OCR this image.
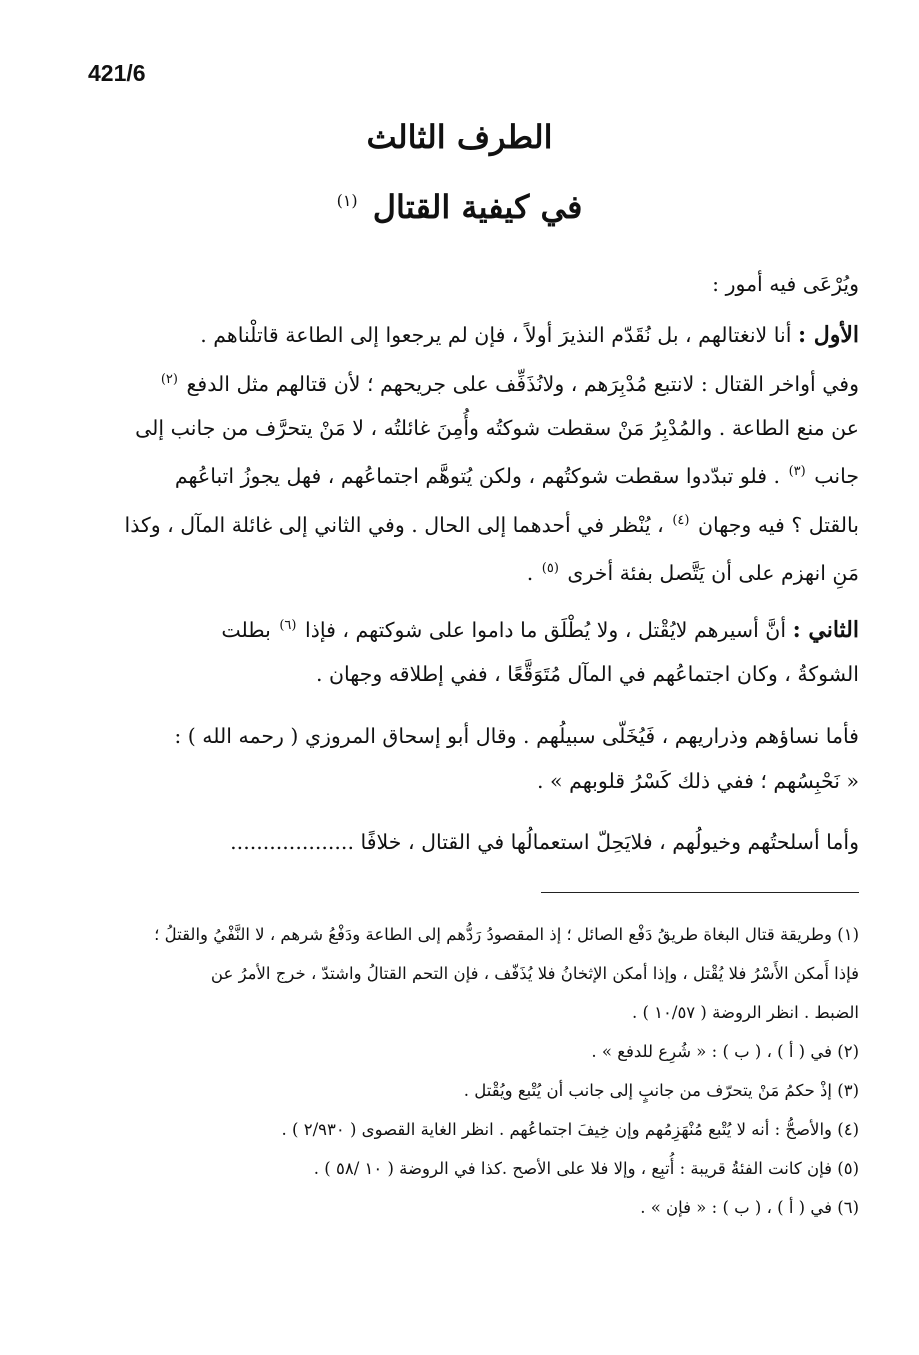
421/6
الطرف الثالث
في كيفية القتال $^{(١)}$
ويُرْعَى فيه أمور :
الأول : أنا لانغتالهم ، بل نُقَدّم النذيرَ أولاً ، فإن لم يرجعوا إلى الطاعة قاتلْناهم .
وفي أواخر القتال : لانتبع مُدْبِرَهم ، ولانُذَفِّف على جريحهم ؛ لأن قتالهم مثل الدفع $^{(٢)}$
عن منع الطاعة . والمُدْبِرُ مَنْ سقطت شوكتُه وأُمِنَ غائلتُه ، لا مَنْ يتحرَّف من جانب إلى
جانب $^{(٣)}$ . فلو تبدّدوا سقطت شوكتُهم ، ولكن يُتوهَّم اجتماعُهم ، فهل يجوزُ اتباعُهم
بالقتل ؟ فيه وجهان $^{(٤)}$ ، يُنْظر في أحدهما إلى الحال . وفي الثاني إلى غائلة المآل ، وكذا
مَنِ انهزم على أن يَتَّصل بفئة أخرى $^{(٥)}$ .
الثاني : أنَّ أسيرهم لايُقْتل ، ولا يُطْلَق ما داموا على شوكتهم ، فإذا $^{(٦)}$ بطلت
الشوكةُ ، وكان اجتماعُهم في المآل مُتَوَقَّعًا ، ففي إطلاقه وجهان .
فأما نساؤهم وذراريهم ، فَيُخَلّى سبيلُهم . وقال أبو إسحاق المروزي ( رحمه الله ) :
« نَحْبِسُهم ؛ ففي ذلك كَسْرُ قلوبهم » .
وأما أسلحتُهم وخيولُهم ، فلايَحِلّ استعمالُها في القتال ، خلافًا ...................
(١) وطريقة قتال البغاة طريقُ دَفْع الصائل ؛ إذ المقصودُ رَدُّهم إلى الطاعة ودَفْعُ شرهم ، لا النَّفْيُ والقتلُ ؛
فإذا أَمكن الأَسْرُ فلا يُقْتل ، وإذا أمكن الإثخانُ فلا يُذَفّف ، فإن التحم القتالُ واشتدّ ، خرج الأمرُ عن
الضبط . انظر الروضة ( ١٠/٥٧ ) .
(٢) في ( أ ) ، ( ب ) : « شُرِع للدفع » .
(٣) إذْ حكمُ مَنْ يتحرّف من جانبٍ إلى جانب أن يُتْبع ويُقْتل .
(٤) والأصحُّ : أنه لا يُتْبع مُنْهَزِمُهم وإن خِيفَ اجتماعُهم . انظر الغاية القصوى ( ٢/٩٣٠ ) .
(٥) فإن كانت الفئةُ قريبة : أُتبِع ، وإلا فلا على الأصح .كذا في الروضة ( ١٠ /٥٨ ) .
(٦) في ( أ ) ، ( ب ) : « فإن » .
